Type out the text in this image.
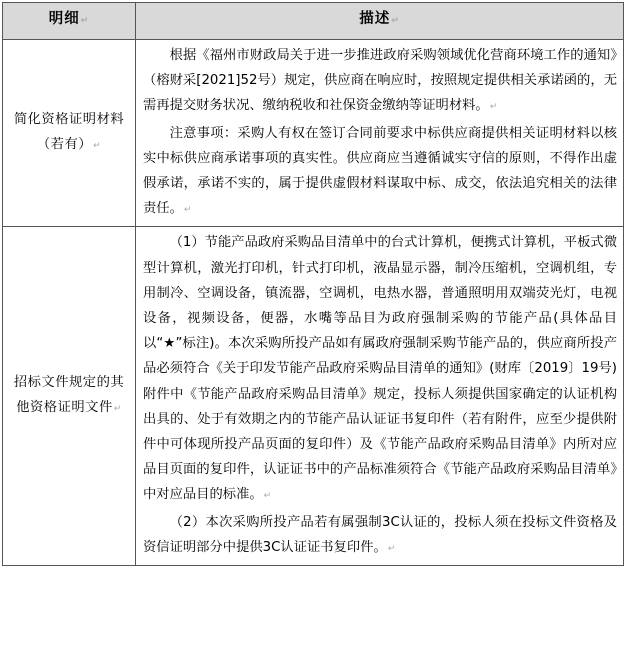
明细↵	描述↵
简化资格证明材料（若有）↵	根据《福州市财政局关于进一步推进政府采购领域优化营商环境工作的通知》（榕财采[2021]52号）规定，供应商在响应时，按照规定提供相关承诺函的，无需再提交财务状况、缴纳税收和社保资金缴纳等证明材料。↵

注意事项：采购人有权在签订合同前要求中标供应商提供相关证明材料以核实中标供应商承诺事项的真实性。供应商应当遵循诚实守信的原则，不得作出虚假承诺，承诺不实的，属于提供虚假材料谋取中标、成交，依法追究相关的法律责任。↵

招标文件规定的其他资格证明文件↵	（1）节能产品政府采购品目清单中的台式计算机，便携式计算机，平板式微型计算机，激光打印机，针式打印机，液晶显示器，制冷压缩机，空调机组，专用制冷、空调设备，镇流器，空调机，电热水器，普通照明用双端荧光灯，电视设备，视频设备，便器，水嘴等品目为政府强制采购的节能产品(具体品目以“★”标注)。本次采购所投产品如有属政府强制采购节能产品的，供应商所投产品必须符合《关于印发节能产品政府采购品目清单的通知》(财库〔2019〕19号)附件中《节能产品政府采购品目清单》规定，投标人须提供国家确定的认证机构出具的、处于有效期之内的节能产品认证证书复印件（若有附件，应至少提供附件中可体现所投产品页面的复印件）及《节能产品政府采购品目清单》内所对应品目页面的复印件，认证证书中的产品标准须符合《节能产品政府采购品目清单》中对应品目的标准。↵

（2）本次采购所投产品若有属强制3C认证的，投标人须在投标文件资格及资信证明部分中提供3C认证证书复印件。↵
